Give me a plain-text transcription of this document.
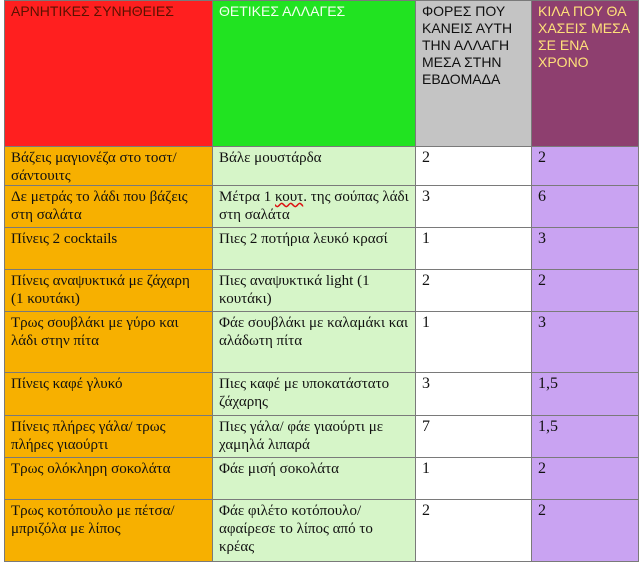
ΑΡΝΗΤΙΚΕΣ ΣΥΝΗΘΕΙΕΣ	ΘΕΤΙΚΕΣ ΑΛΛΑΓΕΣ	ΦΟΡΕΣ ΠΟΥ ΚΑΝΕΙΣ ΑΥΤΗ ΤΗΝ ΑΛΛΑΓΗ ΜΕΣΑ ΣΤΗΝ ΕΒΔΟΜΑΔΑ	ΚΙΛΑ ΠΟΥ ΘΑ ΧΑΣΕΙΣ ΜΕΣΑ ΣΕ ΕΝΑ ΧΡΟΝΟ
Βάζεις μαγιονέζα στο τοστ/ σάντουιτς	Βάλε μουστάρδα	2	2
Δε μετράς το λάδι που βάζεις στη σαλάτα	Μέτρα 1 κουτ. της σούπας λάδι στη σαλάτα	3	6
Πίνεις 2 cocktails	Πιες 2 ποτήρια λευκό κρασί	1	3
Πίνεις αναψυκτικά με ζάχαρη (1 κουτάκι)	Πιες αναψυκτικά light (1 κουτάκι)	2	2
Τρως σουβλάκι με γύρο και λάδι στην πίτα	Φάε σουβλάκι με καλαμάκι και αλάδωτη πίτα	1	3
Πίνεις καφέ γλυκό	Πιες καφέ με υποκατάστατο ζάχαρης	3	1,5
Πίνεις πλήρες γάλα/ τρως πλήρες γιαούρτι	Πιες γάλα/ φάε γιαούρτι με χαμηλά λιπαρά	7	1,5
Τρως ολόκληρη σοκολάτα	Φάε μισή σοκολάτα	1	2
Τρως κοτόπουλο με πέτσα/ μπριζόλα με λίπος	Φάε φιλέτο κοτόπουλο/ αφαίρεσε το λίπος από το κρέας	2	2
